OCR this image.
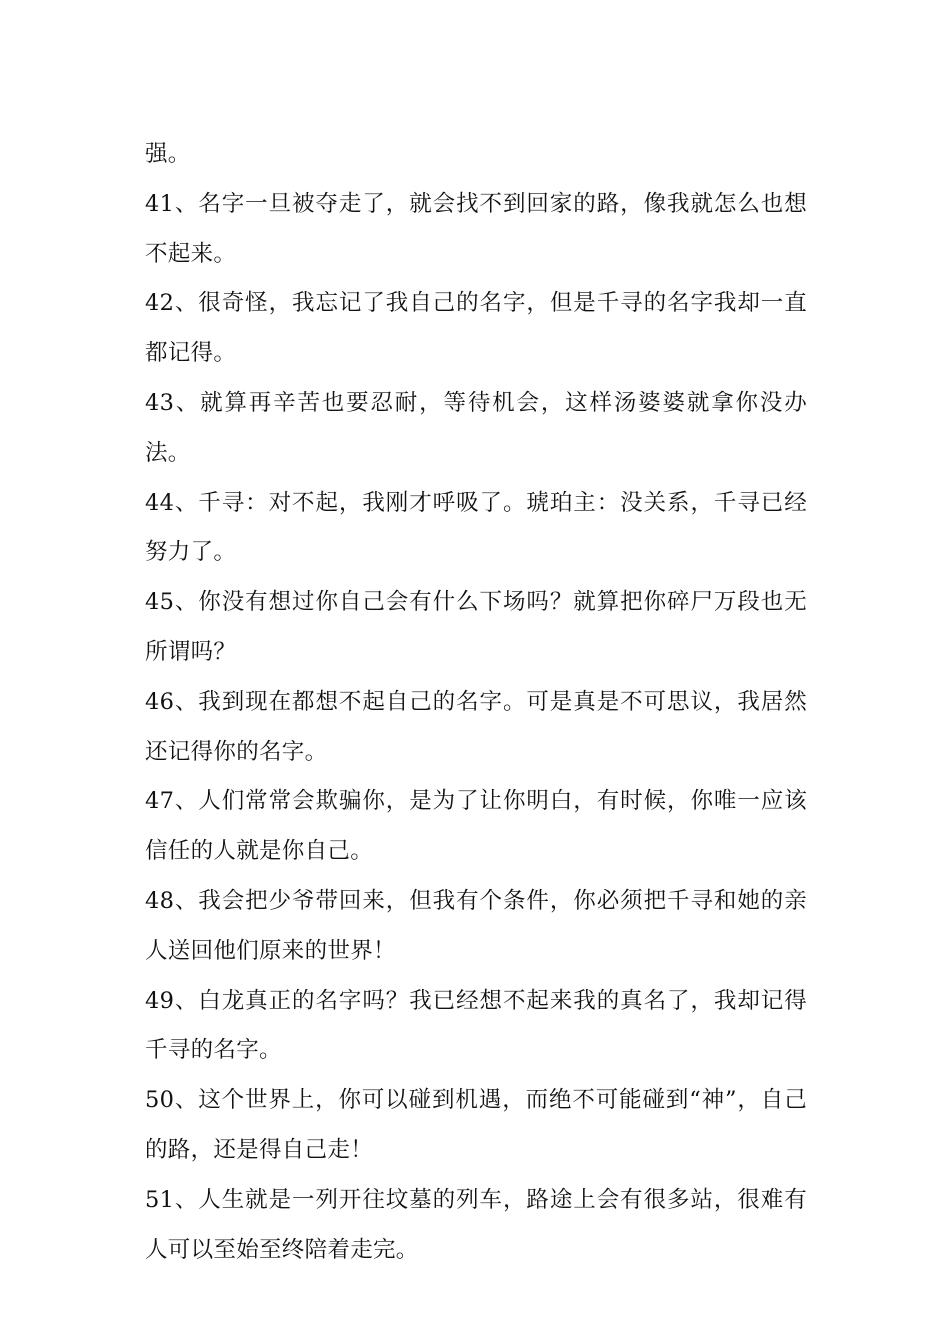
强。

41、名字一旦被夺走了，就会找不到回家的路，像我就怎么也想不起来。

42、很奇怪，我忘记了我自己的名字，但是千寻的名字我却一直都记得。

43、就算再辛苦也要忍耐，等待机会，这样汤婆婆就拿你没办法。

44、千寻：对不起，我刚才呼吸了。琥珀主：没关系，千寻已经努力了。

45、你没有想过你自己会有什么下场吗？就算把你碎尸万段也无所谓吗？

46、我到现在都想不起自己的名字。可是真是不可思议，我居然还记得你的名字。

47、人们常常会欺骗你，是为了让你明白，有时候，你唯一应该信任的人就是你自己。

48、我会把少爷带回来，但我有个条件，你必须把千寻和她的亲人送回他们原来的世界！

49、白龙真正的名字吗？我已经想不起来我的真名了，我却记得千寻的名字。

50、这个世界上，你可以碰到机遇，而绝不可能碰到“神”，自己的路，还是得自己走！

51、人生就是一列开往坟墓的列车，路途上会有很多站，很难有人可以至始至终陪着走完。
